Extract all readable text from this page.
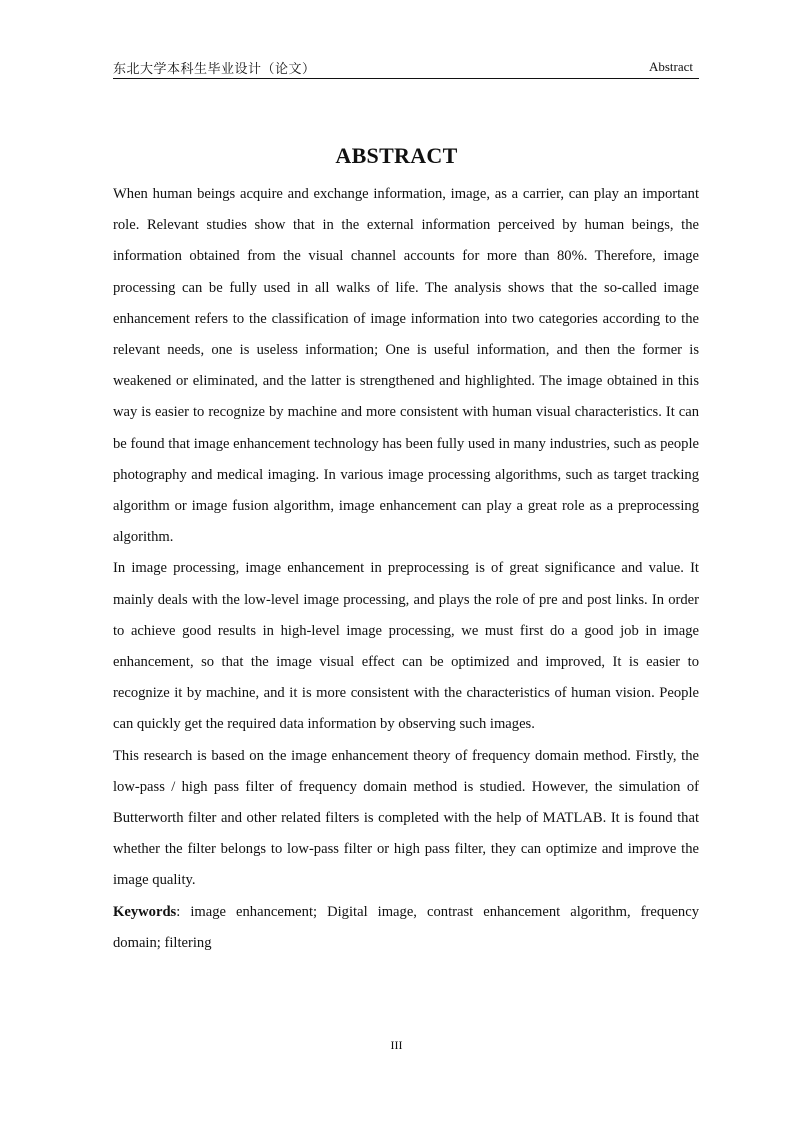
东北大学本科生毕业设计（论文）	Abstract
ABSTRACT

When human beings acquire and exchange information, image, as a carrier, can play an important role. Relevant studies show that in the external information perceived by human beings, the information obtained from the visual channel accounts for more than 80%. Therefore, image processing can be fully used in all walks of life. The analysis shows that the so-called image enhancement refers to the classification of image information into two categories according to the relevant needs, one is useless information; One is useful information, and then the former is weakened or eliminated, and the latter is strengthened and highlighted. The image obtained in this way is easier to recognize by machine and more consistent with human visual characteristics. It can be found that image enhancement technology has been fully used in many industries, such as people photography and medical imaging. In various image processing algorithms, such as target tracking algorithm or image fusion algorithm, image enhancement can play a great role as a preprocessing algorithm.

In image processing, image enhancement in preprocessing is of great significance and value. It mainly deals with the low-level image processing, and plays the role of pre and post links. In order to achieve good results in high-level image processing, we must first do a good job in image enhancement, so that the image visual effect can be optimized and improved, It is easier to recognize it by machine, and it is more consistent with the characteristics of human vision. People can quickly get the required data information by observing such images.

This research is based on the image enhancement theory of frequency domain method. Firstly, the low-pass / high pass filter of frequency domain method is studied. However, the simulation of Butterworth filter and other related filters is completed with the help of MATLAB. It is found that whether the filter belongs to low-pass filter or high pass filter, they can optimize and improve the image quality.

Keywords: image enhancement; Digital image, contrast enhancement algorithm, frequency domain; filtering

III
